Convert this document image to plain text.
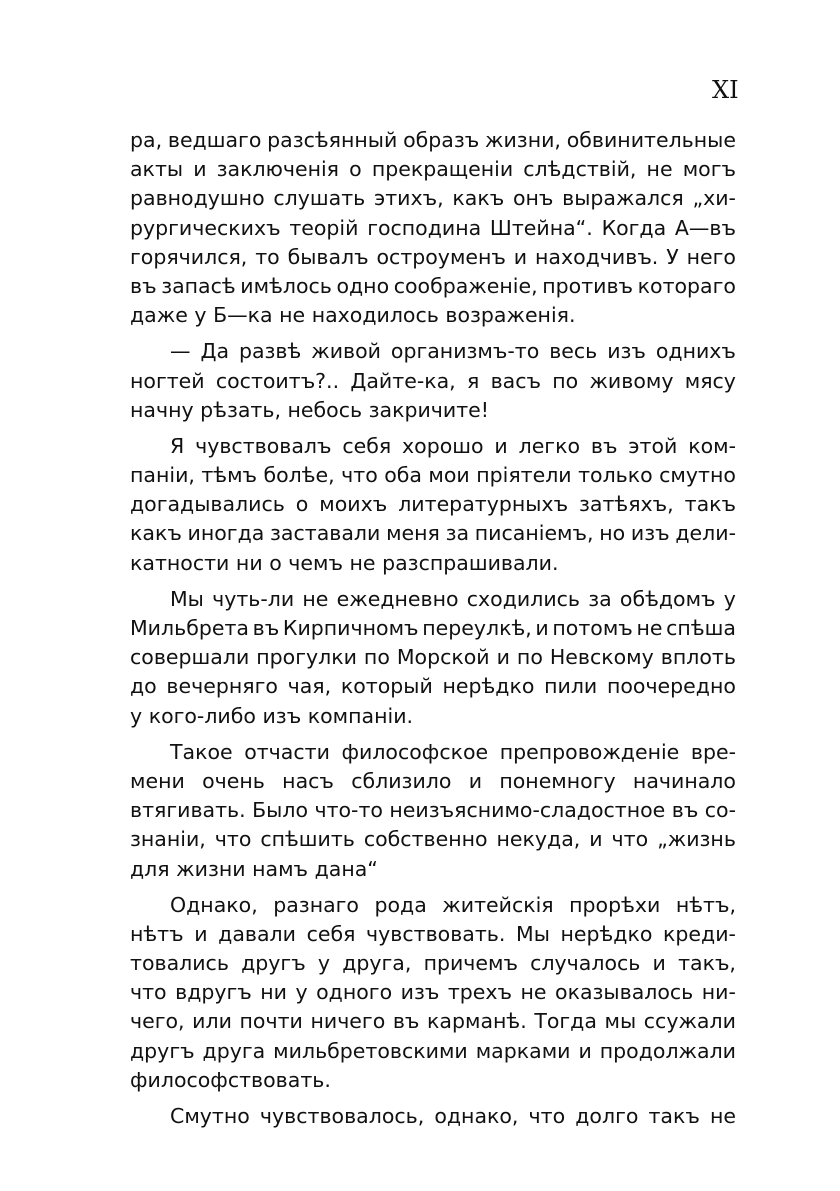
XI
ра, ведшаго разсѣянный образъ жизни, обвинительные
акты и заключенія о прекращеніи слѣдствій, не могъ
равнодушно слушать этихъ, какъ онъ выражался „хи-
рургическихъ теорій господина Штейна“. Когда А—въ
горячился, то бывалъ остроуменъ и находчивъ. У него
въ запасѣ имѣлось одно соображеніе, противъ котораго
даже у Б—ка не находилось возраженія.
— Да развѣ живой организмъ-то весь изъ однихъ
ногтей состоитъ?.. Дайте-ка, я васъ по живому мясу
начну рѣзать, небось закричите!
Я чувствовалъ себя хорошо и легко въ этой ком-
паніи, тѣмъ болѣе, что оба мои пріятели только смутно
догадывались о моихъ литературныхъ затѣяхъ, такъ
какъ иногда заставали меня за писаніемъ, но изъ дели-
катности ни о чемъ не разспрашивали.
Мы чуть-ли не ежедневно сходились за обѣдомъ у
Мильбрета въ Кирпичномъ переулкѣ, и потомъ не спѣша
совершали прогулки по Морской и по Невскому вплоть
до вечерняго чая, который нерѣдко пили поочередно
у кого-либо изъ компаніи.
Такое отчасти философское препровожденіе вре-
мени очень насъ сблизило и понемногу начинало
втягивать. Было что-то неизъяснимо-сладостное въ со-
знаніи, что спѣшить собственно некуда, и что „жизнь
для жизни намъ дана“
Однако, разнаго рода житейскія прорѣхи нѣтъ,
нѣтъ и давали себя чувствовать. Мы нерѣдко креди-
товались другъ у друга, причемъ случалось и такъ,
что вдругъ ни у одного изъ трехъ не оказывалось ни-
чего, или почти ничего въ карманѣ. Тогда мы ссужали
другъ друга мильбретовскими марками и продолжали
философствовать.
Смутно чувствовалось, однако, что долго такъ не
